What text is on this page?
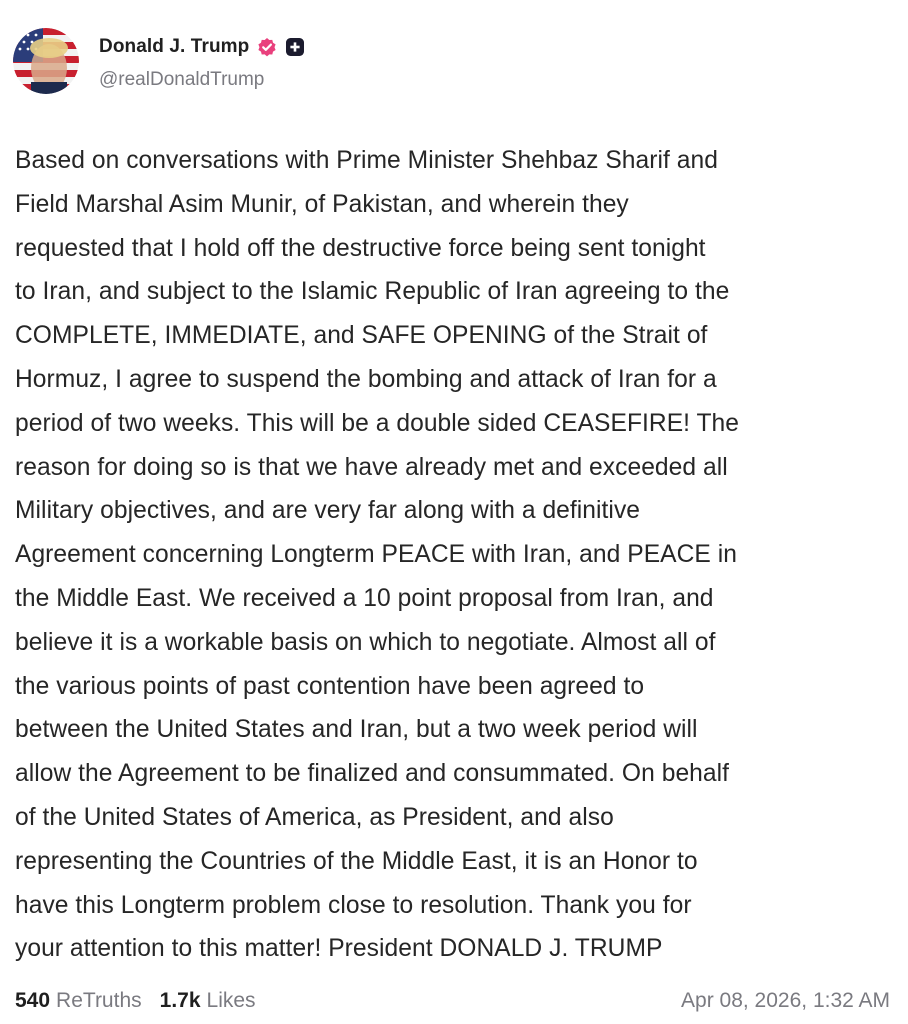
Donald J. Trump
@realDonaldTrump
Based on conversations with Prime Minister Shehbaz Sharif and
Field Marshal Asim Munir, of Pakistan, and wherein they
requested that I hold off the destructive force being sent tonight
to Iran, and subject to the Islamic Republic of Iran agreeing to the
COMPLETE, IMMEDIATE, and SAFE OPENING of the Strait of
Hormuz, I agree to suspend the bombing and attack of Iran for a
period of two weeks. This will be a double sided CEASEFIRE! The
reason for doing so is that we have already met and exceeded all
Military objectives, and are very far along with a definitive
Agreement concerning Longterm PEACE with Iran, and PEACE in
the Middle East. We received a 10 point proposal from Iran, and
believe it is a workable basis on which to negotiate. Almost all of
the various points of past contention have been agreed to
between the United States and Iran, but a two week period will
allow the Agreement to be finalized and consummated. On behalf
of the United States of America, as President, and also
representing the Countries of the Middle East, it is an Honor to
have this Longterm problem close to resolution. Thank you for
your attention to this matter! President DONALD J. TRUMP
540 ReTruths 1.7k Likes	Apr 08, 2026, 1:32 AM
